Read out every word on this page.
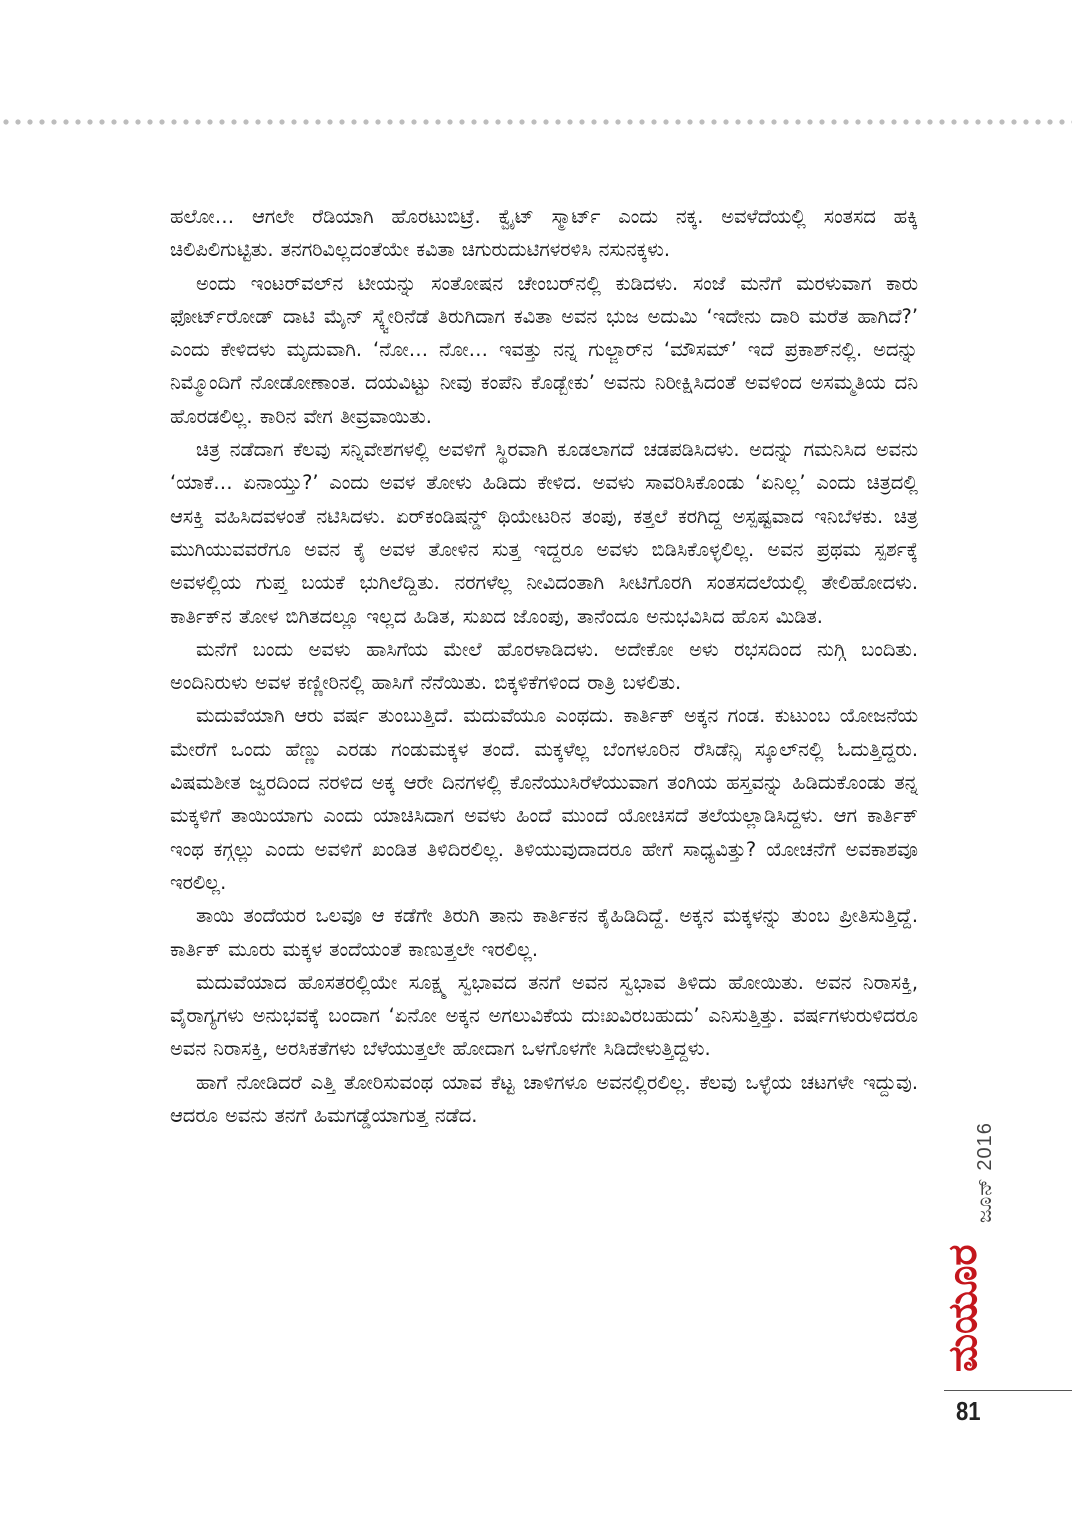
ಹಲೋ… ಆಗಲೇ ರೆಡಿಯಾಗಿ ಹೊರಟುಬಿಟ್ರೆ. ಕ್ವೈಟ್ ಸ್ಮಾರ್ಟ್ ಎಂದು ನಕ್ಕ. ಅವಳೆದೆಯಲ್ಲಿ ಸಂತಸದ ಹಕ್ಕಿ ಚಿಲಿಪಿಲಿಗುಟ್ಟಿತು. ತನಗರಿವಿಲ್ಲದಂತೆಯೇ ಕವಿತಾ ಚಿಗುರುದುಟಿಗಳರಳಿಸಿ ನಸುನಕ್ಕಳು.

ಅಂದು ಇಂಟರ್‌ವಲ್‌ನ ಟೀಯನ್ನು ಸಂತೋಷನ ಚೇಂಬರ್‌ನಲ್ಲಿ ಕುಡಿದಳು. ಸಂಜೆ ಮನೆಗೆ ಮರಳುವಾಗ ಕಾರು ಫೋರ್ಟ್‌ರೋಡ್ ದಾಟಿ ಮೈನ್ ಸ್ಕ್ವೇರಿನೆಡೆ ತಿರುಗಿದಾಗ ಕವಿತಾ ಅವನ ಭುಜ ಅದುಮಿ ‘ಇದೇನು ದಾರಿ ಮರೆತ ಹಾಗಿದೆ?’ ಎಂದು ಕೇಳಿದಳು ಮೃದುವಾಗಿ. ‘ನೋ… ನೋ… ಇವತ್ತು ನನ್ನ ಗುಲ್ಜಾರ್‌ನ ‘ಮೌಸಮ್’ ಇದೆ ಪ್ರಕಾಶ್‌ನಲ್ಲಿ. ಅದನ್ನು ನಿಮ್ಮೊಂದಿಗೆ ನೋಡೋಣಾಂತ. ದಯವಿಟ್ಟು ನೀವು ಕಂಪೆನಿ ಕೊಡ್ಬೇಕು’ ಅವನು ನಿರೀಕ್ಷಿಸಿದಂತೆ ಅವಳಿಂದ ಅಸಮ್ಮತಿಯ ದನಿ ಹೊರಡಲಿಲ್ಲ. ಕಾರಿನ ವೇಗ ತೀವ್ರವಾಯಿತು.

ಚಿತ್ರ ನಡೆದಾಗ ಕೆಲವು ಸನ್ನಿವೇಶಗಳಲ್ಲಿ ಅವಳಿಗೆ ಸ್ಥಿರವಾಗಿ ಕೂಡಲಾಗದೆ ಚಡಪಡಿಸಿದಳು. ಅದನ್ನು ಗಮನಿಸಿದ ಅವನು ‘ಯಾಕೆ… ಏನಾಯ್ತು?’ ಎಂದು ಅವಳ ತೋಳು ಹಿಡಿದು ಕೇಳಿದ. ಅವಳು ಸಾವರಿಸಿಕೊಂಡು ‘ಏನಿಲ್ಲ’ ಎಂದು ಚಿತ್ರದಲ್ಲಿ ಆಸಕ್ತಿ ವಹಿಸಿದವಳಂತೆ ನಟಿಸಿದಳು. ಏರ್‌ಕಂಡಿಷನ್ಡ್ ಥಿಯೇಟರಿನ ತಂಪು, ಕತ್ತಲೆ ಕರಗಿದ್ದ ಅಸ್ಪಷ್ಟವಾದ ಇನಿಬೆಳಕು. ಚಿತ್ರ ಮುಗಿಯುವವರೆಗೂ ಅವನ ಕೈ ಅವಳ ತೋಳಿನ ಸುತ್ತ ಇದ್ದರೂ ಅವಳು ಬಿಡಿಸಿಕೊಳ್ಳಲಿಲ್ಲ. ಅವನ ಪ್ರಥಮ ಸ್ಪರ್ಶಕ್ಕೆ ಅವಳಲ್ಲಿಯ ಗುಪ್ತ ಬಯಕೆ ಭುಗಿಲೆದ್ದಿತು. ನರಗಳೆಲ್ಲ ನೀವಿದಂತಾಗಿ ಸೀಟಿಗೊರಗಿ ಸಂತಸದಲೆಯಲ್ಲಿ ತೇಲಿಹೋದಳು. ಕಾರ್ತಿಕ್‌ನ ತೋಳ ಬಿಗಿತದಲ್ಲೂ ಇಲ್ಲದ ಹಿಡಿತ, ಸುಖದ ಜೊಂಪು, ತಾನೆಂದೂ ಅನುಭವಿಸಿದ ಹೊಸ ಮಿಡಿತ.

ಮನೆಗೆ ಬಂದು ಅವಳು ಹಾಸಿಗೆಯ ಮೇಲೆ ಹೊರಳಾಡಿದಳು. ಅದೇಕೋ ಅಳು ರಭಸದಿಂದ ನುಗ್ಗಿ ಬಂದಿತು. ಅಂದಿನಿರುಳು ಅವಳ ಕಣ್ಣೀರಿನಲ್ಲಿ ಹಾಸಿಗೆ ನೆನೆಯಿತು. ಬಿಕ್ಕಳಿಕೆಗಳಿಂದ ರಾತ್ರಿ ಬಳಲಿತು.

ಮದುವೆಯಾಗಿ ಆರು ವರ್ಷ ತುಂಬುತ್ತಿದೆ. ಮದುವೆಯೂ ಎಂಥದು. ಕಾರ್ತಿಕ್ ಅಕ್ಕನ ಗಂಡ. ಕುಟುಂಬ ಯೋಜನೆಯ ಮೇರೆಗೆ ಒಂದು ಹೆಣ್ಣು ಎರಡು ಗಂಡುಮಕ್ಕಳ ತಂದೆ. ಮಕ್ಕಳೆಲ್ಲ ಬೆಂಗಳೂರಿನ ರೆಸಿಡೆನ್ಸಿ ಸ್ಕೂಲ್‌ನಲ್ಲಿ ಓದುತ್ತಿದ್ದರು. ವಿಷಮಶೀತ ಜ್ವರದಿಂದ ನರಳಿದ ಅಕ್ಕ ಆರೇ ದಿನಗಳಲ್ಲಿ ಕೊನೆಯುಸಿರೆಳೆಯುವಾಗ ತಂಗಿಯ ಹಸ್ತವನ್ನು ಹಿಡಿದುಕೊಂಡು ತನ್ನ ಮಕ್ಕಳಿಗೆ ತಾಯಿಯಾಗು ಎಂದು ಯಾಚಿಸಿದಾಗ ಅವಳು ಹಿಂದೆ ಮುಂದೆ ಯೋಚಿಸದೆ ತಲೆಯಲ್ಲಾಡಿಸಿದ್ದಳು. ಆಗ ಕಾರ್ತಿಕ್ ಇಂಥ ಕಗ್ಗಲ್ಲು ಎಂದು ಅವಳಿಗೆ ಖಂಡಿತ ತಿಳಿದಿರಲಿಲ್ಲ. ತಿಳಿಯುವುದಾದರೂ ಹೇಗೆ ಸಾಧ್ಯವಿತ್ತು? ಯೋಚನೆಗೆ ಅವಕಾಶವೂ ಇರಲಿಲ್ಲ.

ತಾಯಿ ತಂದೆಯರ ಒಲವೂ ಆ ಕಡೆಗೇ ತಿರುಗಿ ತಾನು ಕಾರ್ತಿಕನ ಕೈಹಿಡಿದಿದ್ದೆ. ಅಕ್ಕನ ಮಕ್ಕಳನ್ನು ತುಂಬ ಪ್ರೀತಿಸುತ್ತಿದ್ದೆ. ಕಾರ್ತಿಕ್ ಮೂರು ಮಕ್ಕಳ ತಂದೆಯಂತೆ ಕಾಣುತ್ತಲೇ ಇರಲಿಲ್ಲ.

ಮದುವೆಯಾದ ಹೊಸತರಲ್ಲಿಯೇ ಸೂಕ್ಷ್ಮ ಸ್ವಭಾವದ ತನಗೆ ಅವನ ಸ್ವಭಾವ ತಿಳಿದು ಹೋಯಿತು. ಅವನ ನಿರಾಸಕ್ತಿ, ವೈರಾಗ್ಯಗಳು ಅನುಭವಕ್ಕೆ ಬಂದಾಗ ‘ಏನೋ ಅಕ್ಕನ ಅಗಲುವಿಕೆಯ ದುಃಖವಿರಬಹುದು’ ಎನಿಸುತ್ತಿತ್ತು. ವರ್ಷಗಳುರುಳಿದರೂ ಅವನ ನಿರಾಸಕ್ತಿ, ಅರಸಿಕತೆಗಳು ಬೆಳೆಯುತ್ತಲೇ ಹೋದಾಗ ಒಳಗೊಳಗೇ ಸಿಡಿದೇಳುತ್ತಿದ್ದಳು.

ಹಾಗೆ ನೋಡಿದರೆ ಎತ್ತಿ ತೋರಿಸುವಂಥ ಯಾವ ಕೆಟ್ಟ ಚಾಳಿಗಳೂ ಅವನಲ್ಲಿರಲಿಲ್ಲ. ಕೆಲವು ಒಳ್ಳೆಯ ಚಟಗಳೇ ಇದ್ದುವು. ಆದರೂ ಅವನು ತನಗೆ ಹಿಮಗಡ್ಡೆಯಾಗುತ್ತ ನಡೆದ.

ಜೂನ್ 2016
ಮಯೂರ
81
